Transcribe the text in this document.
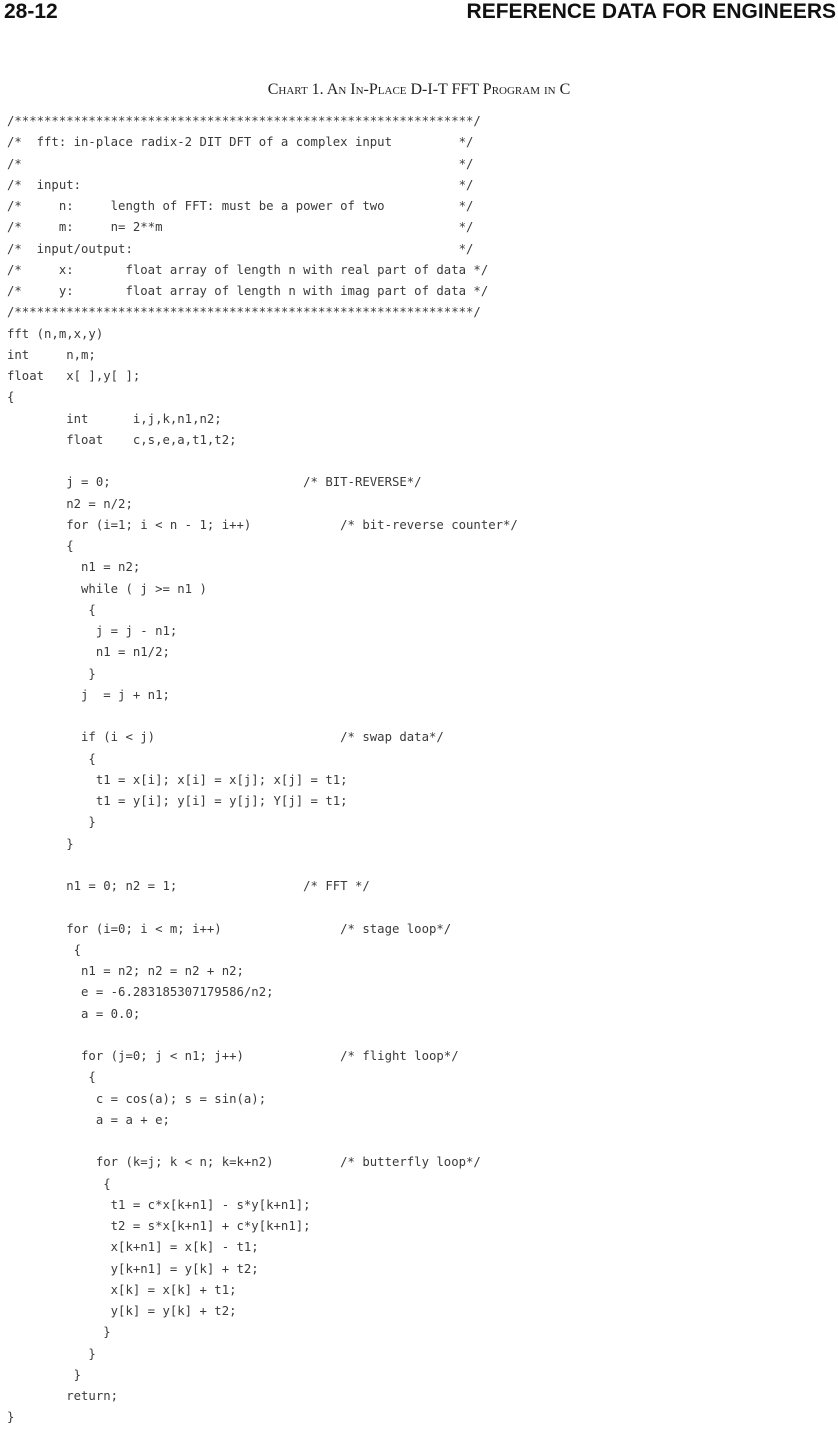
28-12	REFERENCE DATA FOR ENGINEERS
Chart 1. An In-Place D-I-T FFT Program in C
/**************************************************************/
/*  fft: in-place radix-2 DIT DFT of a complex input         */
/*                                                           */
/*  input:                                                   */
/*     n:     length of FFT: must be a power of two          */
/*     m:     n= 2**m                                        */
/*  input/output:                                            */
/*     x:       float array of length n with real part of data */
/*     y:       float array of length n with imag part of data */
/**************************************************************/
fft (n,m,x,y)
int     n,m;
float   x[ ],y[ ];
{
int      i,j,k,n1,n2;
float    c,s,e,a,t1,t2;

j = 0;                          /* BIT-REVERSE*/
n2 = n/2;
for (i=1; i < n - 1; i++)            /* bit-reverse counter*/
{
n1 = n2;
while ( j >= n1 )
{
j = j - n1;
n1 = n1/2;
}
j  = j + n1;

if (i < j)                         /* swap data*/
{
t1 = x[i]; x[i] = x[j]; x[j] = t1;
t1 = y[i]; y[i] = y[j]; Y[j] = t1;
}
}

n1 = 0; n2 = 1;                 /* FFT */

for (i=0; i < m; i++)                /* stage loop*/
{
n1 = n2; n2 = n2 + n2;
e = -6.283185307179586/n2;
a = 0.0;

for (j=0; j < n1; j++)             /* flight loop*/
{
c = cos(a); s = sin(a);
a = a + e;

for (k=j; k < n; k=k+n2)         /* butterfly loop*/
{
t1 = c*x[k+n1] - s*y[k+n1];
t2 = s*x[k+n1] + c*y[k+n1];
x[k+n1] = x[k] - t1;
y[k+n1] = y[k] + t2;
x[k] = x[k] + t1;
y[k] = y[k] + t2;
}
}
}
return;
}
